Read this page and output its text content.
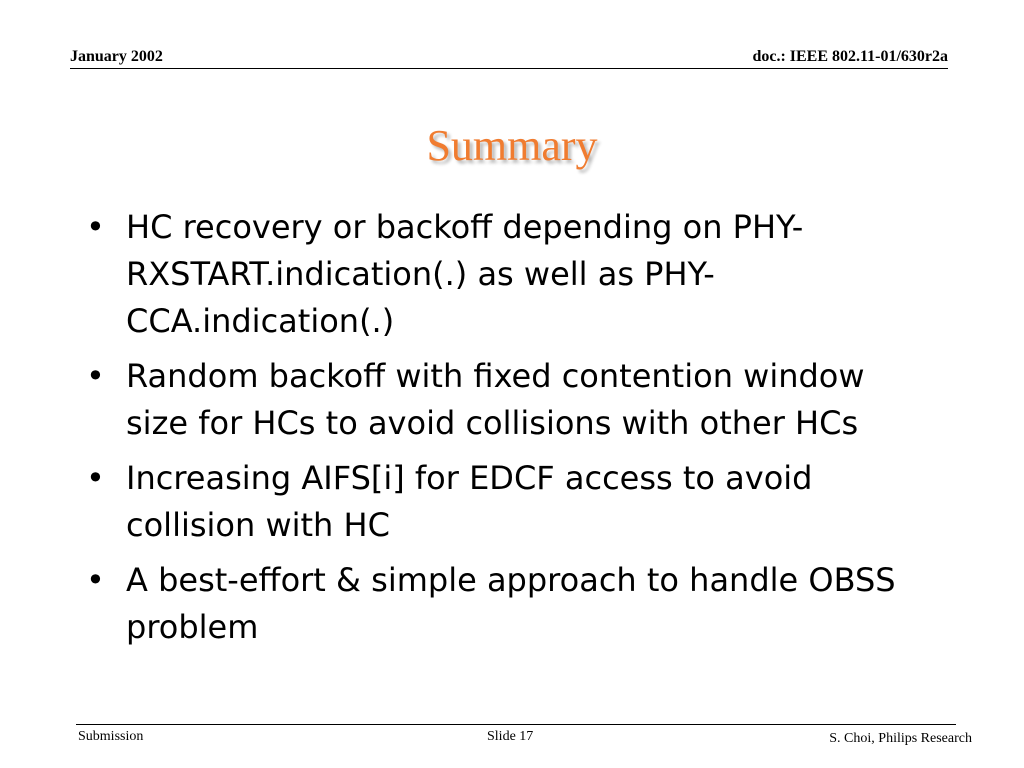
January 2002	doc.: IEEE 802.11-01/630r2a
Summary
• HC recovery or backoff depending on PHY-RXSTART.indication(.) as well as PHY-CCA.indication(.)
• Random backoff with fixed contention window size for HCs to avoid collisions with other HCs
• Increasing AIFS[i] for EDCF access to avoid collision with HC
• A best-effort & simple approach to handle OBSS problem
Submission	Slide 17	S. Choi, Philips Research
